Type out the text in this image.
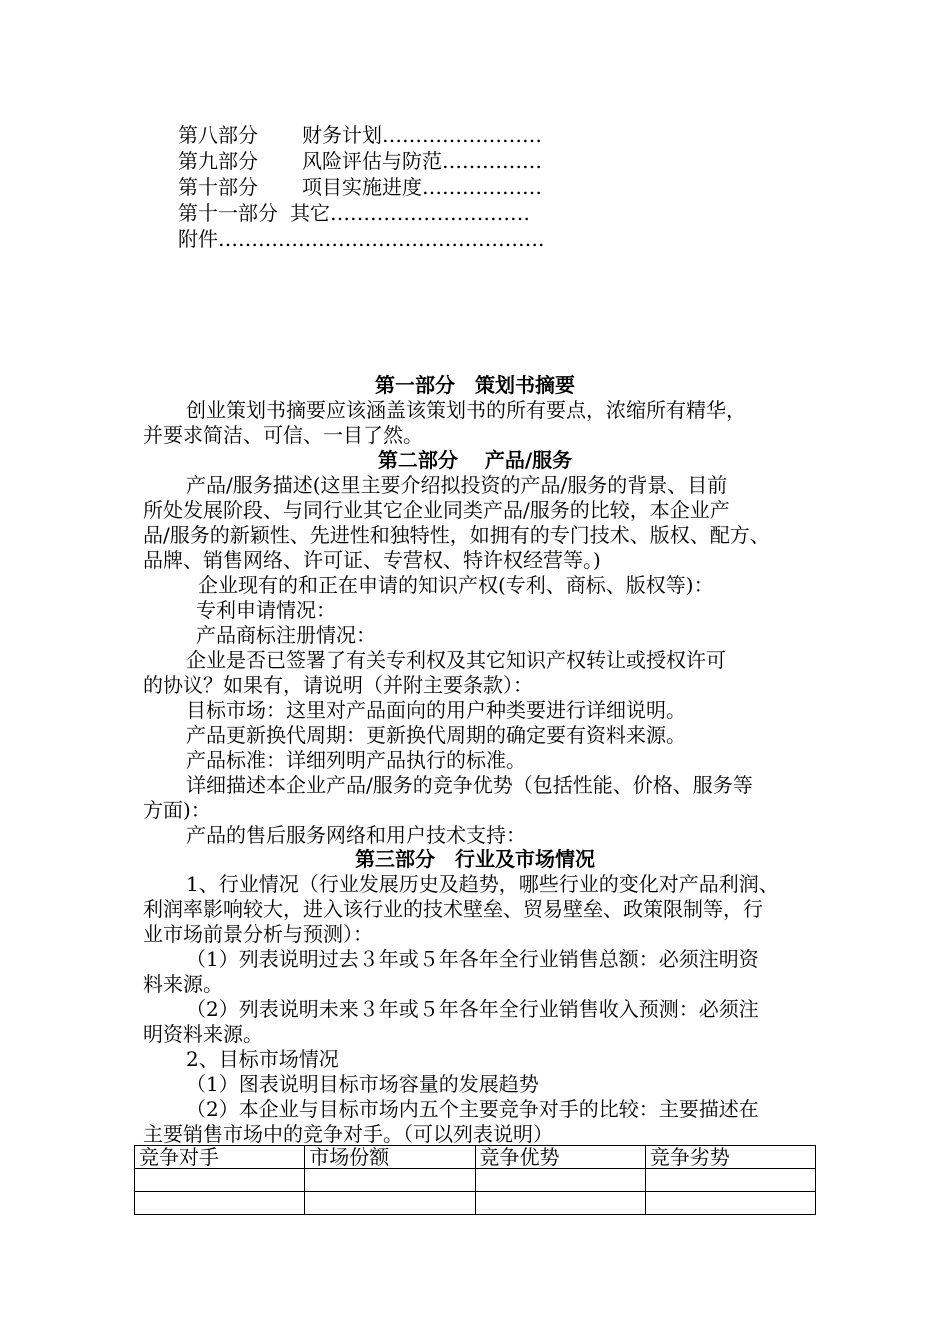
第八部分 财务计划……………………
第九部分 风险评估与防范……………
第十部分 项目实施进度………………
第十一部分 其它…………………………
附件………………………………………….
第一部分　策划书摘要
创业策划书摘要应该涵盖该策划书的所有要点，浓缩所有精华，
并要求简洁、可信、一目了然。
第二部分　 产品/服务
产品/服务描述(这里主要介绍拟投资的产品/服务的背景、目前
所处发展阶段、与同行业其它企业同类产品/服务的比较，本企业产
品/服务的新颖性、先进性和独特性，如拥有的专门技术、版权、配方、
品牌、销售网络、许可证、专营权、特许权经营等。)
企业现有的和正在申请的知识产权(专利、商标、版权等)：
专利申请情况：
产品商标注册情况：
企业是否已签署了有关专利权及其它知识产权转让或授权许可
的协议？如果有，请说明（并附主要条款）：
目标市场：这里对产品面向的用户种类要进行详细说明。
产品更新换代周期：更新换代周期的确定要有资料来源。
产品标准：详细列明产品执行的标准。
详细描述本企业产品/服务的竞争优势（包括性能、价格、服务等
方面)：
产品的售后服务网络和用户技术支持：
第三部分　行业及市场情况
1、行业情况（行业发展历史及趋势，哪些行业的变化对产品利润、
利润率影响较大，进入该行业的技术壁垒、贸易壁垒、政策限制等，行
业市场前景分析与预测）：
（1）列表说明过去３年或５年各年全行业销售总额：必须注明资
料来源。
（2）列表说明未来３年或５年各年全行业销售收入预测：必须注
明资料来源。
2、目标市场情况
（1）图表说明目标市场容量的发展趋势
（2）本企业与目标市场内五个主要竞争对手的比较：主要描述在
主要销售市场中的竞争对手。（可以列表说明）
竞争对手	市场份额	竞争优势	竞争劣势
